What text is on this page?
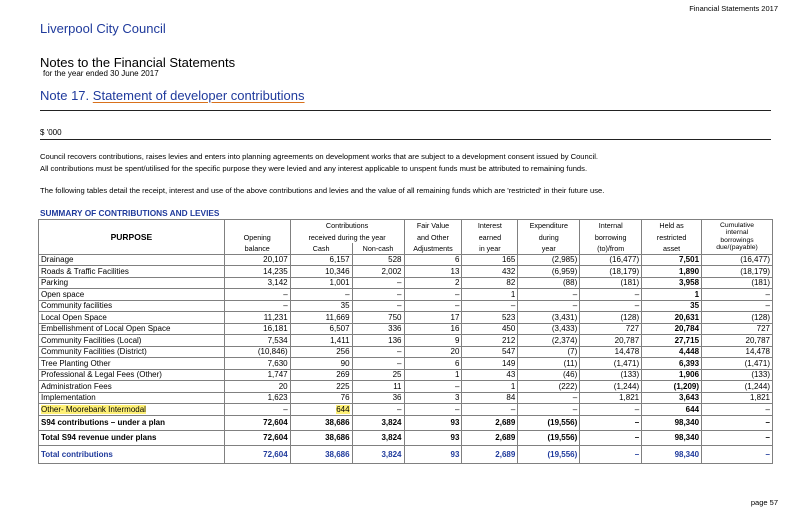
Financial Statements 2017
Liverpool City Council
Notes to the Financial Statements
for the year ended 30 June 2017
Note 17. Statement of developer contributions
$ '000
Council recovers contributions, raises levies and enters into planning agreements on development works that are subject to a development consent issued by Council.
All contributions must be spent/utilised for the specific purpose they were levied and any interest applicable to unspent funds must be attributed to remaining funds.
The following tables detail the receipt, interest and use of the above contributions and levies and the value of all remaining funds which are 'restricted' in their future use.
SUMMARY OF CONTRIBUTIONS AND LEVIES
PURPOSE		Contributions		Fair Value	Interest	Expenditure	Internal	Held as	Cumulative
internal
borrowings
due/(payable)
	Opening	received during the year		and Other	earned	during	borrowing	restricted	
	balance	Cash	Non-cash	Adjustments	in year	year	(to)/from	asset	
Drainage	20,107	6,157	528	6	165	(2,985)	(16,477)	7,501	(16,477)
Roads & Traffic Facilities	14,235	10,346	2,002	13	432	(6,959)	(18,179)	1,890	(18,179)
Parking	3,142	1,001	–	2	82	(88)	(181)	3,958	(181)
Open space	–	–	–	–	1	–	–	1	–
Community facilities	–	35	–	–	–	–	–	35	–
Local Open Space	11,231	11,669	750	17	523	(3,431)	(128)	20,631	(128)
Embellishment of Local Open Space	16,181	6,507	336	16	450	(3,433)	727	20,784	727
Community Facilities (Local)	7,534	1,411	136	9	212	(2,374)	20,787	27,715	20,787
Community Facilities (District)	(10,846)	256	–	20	547	(7)	14,478	4,448	14,478
Tree Planting Other	7,630	90	–	6	149	(11)	(1,471)	6,393	(1,471)
Professional & Legal Fees (Other)	1,747	269	25	1	43	(46)	(133)	1,906	(133)
Administration Fees	20	225	11	–	1	(222)	(1,244)	(1,209)	(1,244)
Implementation	1,623	76	36	3	84	–	1,821	3,643	1,821
Other- Moorebank Intermodal	–	644	–	–	–	–	–	644	–
S94 contributions – under a plan	72,604	38,686	3,824	93	2,689	(19,556)	–	98,340	–
Total S94 revenue under plans	72,604	38,686	3,824	93	2,689	(19,556)	–	98,340	–
Total contributions	72,604	38,686	3,824	93	2,689	(19,556)	–	98,340	–
page 57
